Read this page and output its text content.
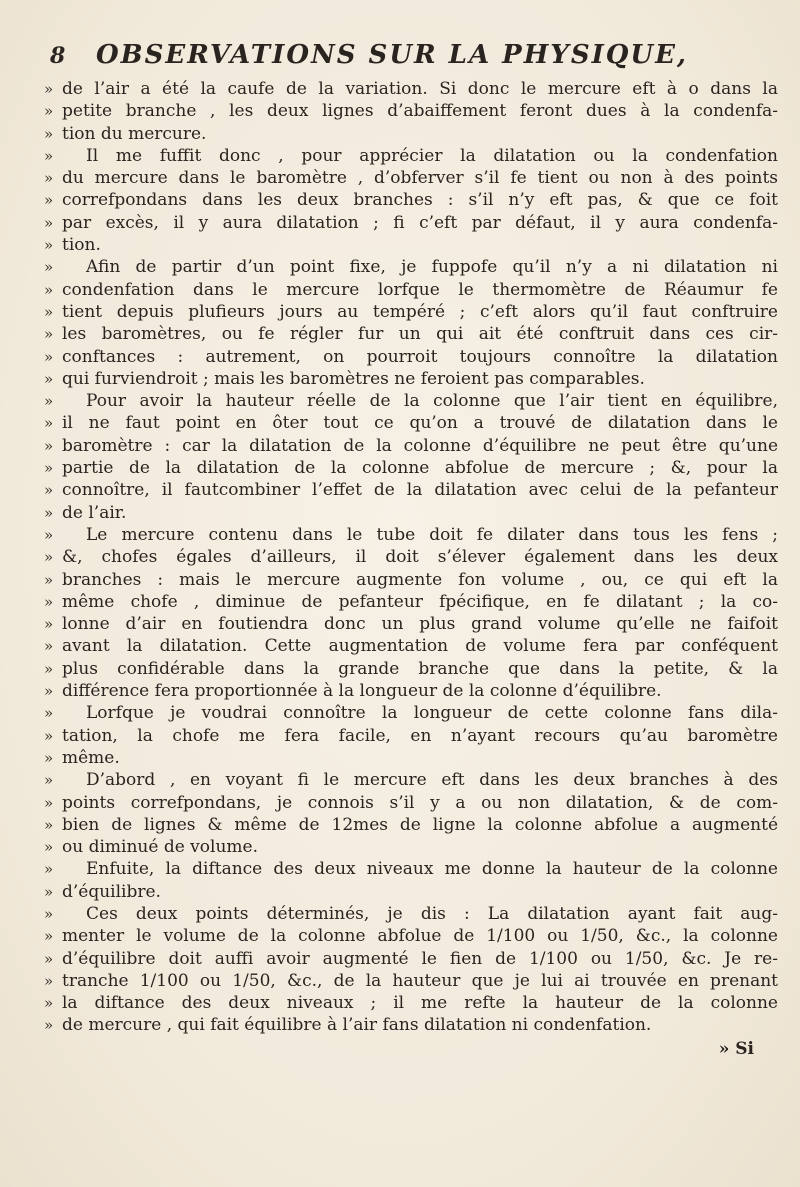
8	OBSERVATIONS SUR LA PHYSIQUE,
» de l’air a été la caufe de la variation. Si donc le mercure eft à o dans la
» petite branche , les deux lignes d’abaiffement feront dues à la condenfa-
» tion du mercure.
» Il me fuffit donc , pour apprécier la dilatation ou la condenfation
» du mercure dans le baromètre , d’obferver s’il fe tient ou non à des points
» correfpondans dans les deux branches : s’il n’y eft pas, & que ce foit
» par excès, il y aura dilatation ; fi c’eft par défaut, il y aura condenfa-
» tion.
» Afin de partir d’un point fixe, je fuppofe qu’il n’y a ni dilatation ni
» condenfation dans le mercure lorfque le thermomètre de Réaumur fe
» tient depuis plufieurs jours au tempéré ; c’eft alors qu’il faut conftruire
» les baromètres, ou fe régler fur un qui ait été conftruit dans ces cir-
» conftances : autrement, on pourroit toujours connoître la dilatation
» qui furviendroit ; mais les baromètres ne feroient pas comparables.
» Pour avoir la hauteur réelle de la colonne que l’air tient en équilibre,
» il ne faut point en ôter tout ce qu’on a trouvé de dilatation dans le
» baromètre : car la dilatation de la colonne d’équilibre ne peut être qu’une
» partie de la dilatation de la colonne abfolue de mercure ; &, pour la
» connoître, il fautcombiner l’effet de la dilatation avec celui de la pefanteur
» de l’air.
» Le mercure contenu dans le tube doit fe dilater dans tous les fens ;
» &, chofes égales d’ailleurs, il doit s’élever également dans les deux
» branches : mais le mercure augmente fon volume , ou, ce qui eft la
» même chofe , diminue de pefanteur fpécifique, en fe dilatant ; la co-
» lonne d’air en foutiendra donc un plus grand volume qu’elle ne faifoit
» avant la dilatation. Cette augmentation de volume fera par conféquent
» plus confidérable dans la grande branche que dans la petite, & la
» différence fera proportionnée à la longueur de la colonne d’équilibre.
» Lorfque je voudrai connoître la longueur de cette colonne fans dila-
» tation, la chofe me fera facile, en n’ayant recours qu’au baromètre
» même.
» D’abord , en voyant fi le mercure eft dans les deux branches à des
» points correfpondans, je connois s’il y a ou non dilatation, & de com-
» bien de lignes & même de 12mes de ligne la colonne abfolue a augmenté
» ou diminué de volume.
» Enfuite, la diftance des deux niveaux me donne la hauteur de la colonne
» d’équilibre.
» Ces deux points déterminés, je dis : La dilatation ayant fait aug-
» menter le volume de la colonne abfolue de 1/100 ou 1/50, &c., la colonne
» d’équilibre doit auffi avoir augmenté le fien de 1/100 ou 1/50, &c. Je re-
» tranche 1/100 ou 1/50, &c., de la hauteur que je lui ai trouvée en prenant
» la diftance des deux niveaux ; il me refte la hauteur de la colonne
» de mercure , qui fait équilibre à l’air fans dilatation ni condenfation.
» Si
